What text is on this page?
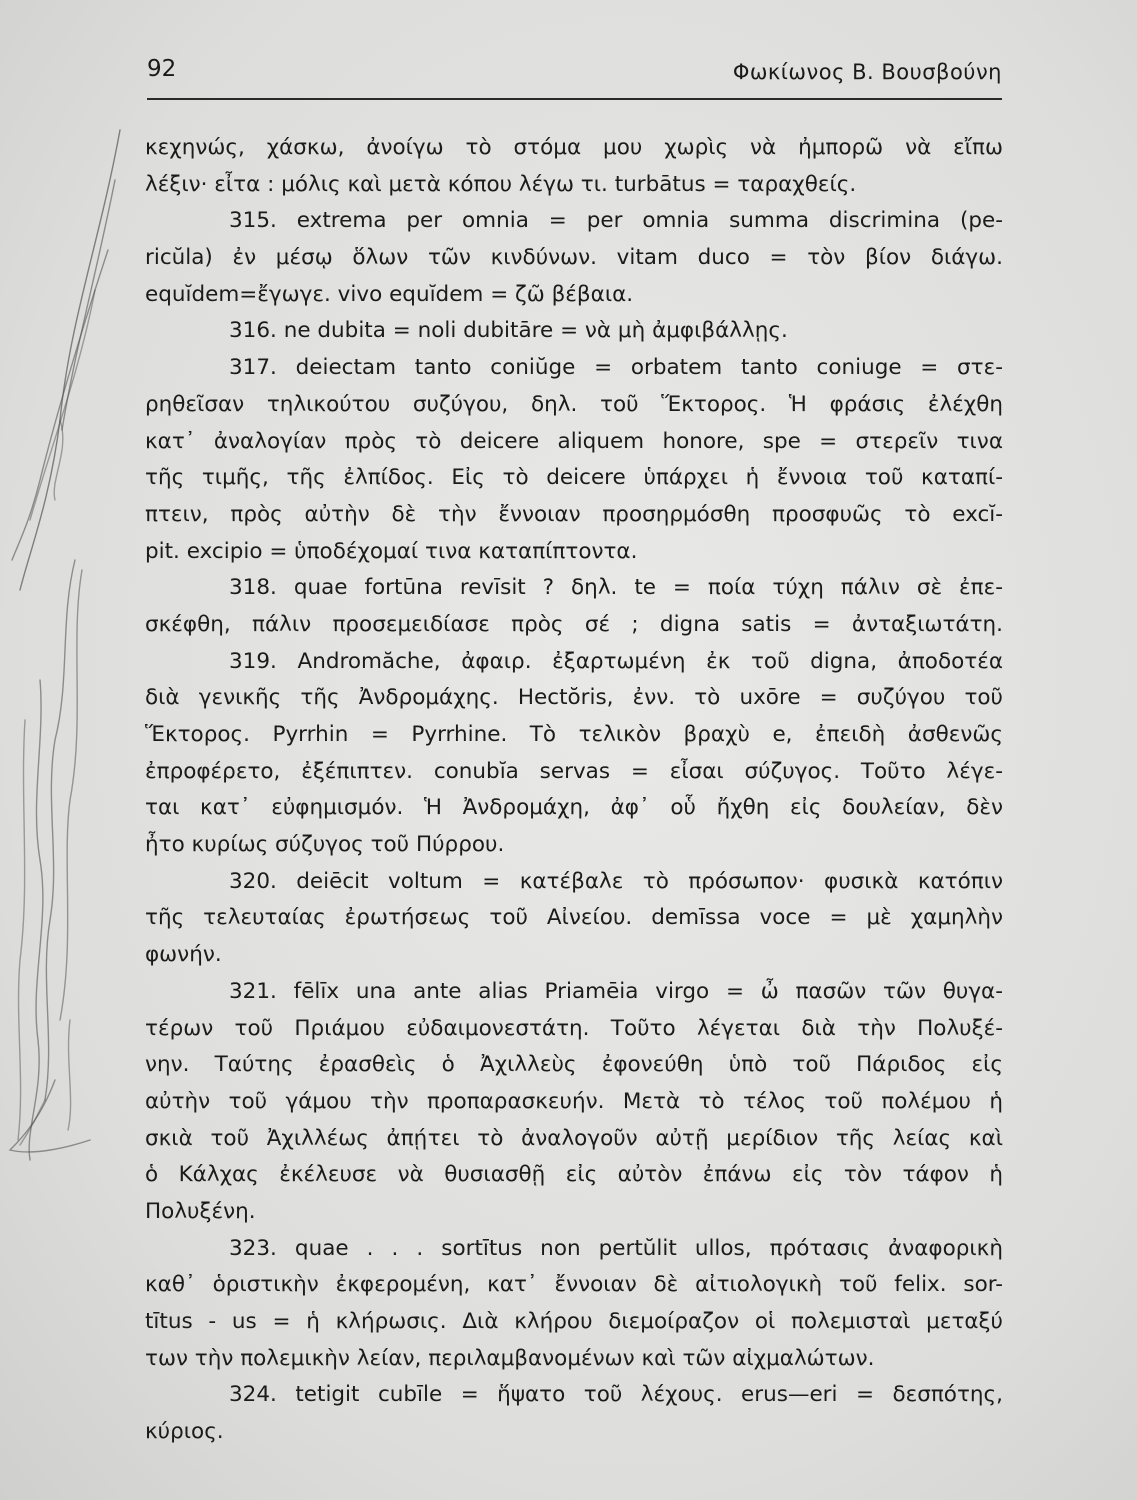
92	Φωκίωνος Β. Βουσβούνη
κεχηνώς, χάσκω, ἀνοίγω τὸ στόμα μου χωρὶς νὰ ἠμπορῶ νὰ εἴπω
λέξιν· εἶτα : μόλις καὶ μετὰ κόπου λέγω τι. turbātus = ταραχθείς.
315. extrema per omnia = per omnia summa discrimina (pe-
ricŭla) ἐν μέσῳ ὅλων τῶν κινδύνων. vitam duco = τὸν βίον διάγω.
equĭdem=ἔγωγε. vivo equĭdem = ζῶ βέβαια.
316. ne dubita = noli dubitāre = νὰ μὴ ἀμφιβάλλῃς.
317. deiectam tanto coniŭge = orbatem tanto coniuge = στε-
ρηθεῖσαν τηλικούτου συζύγου, δηλ. τοῦ Ἕκτορος. Ἡ φράσις ἐλέχθη
κατ᾽ ἀναλογίαν πρὸς τὸ deicere aliquem honore, spe = στερεῖν τινα
τῆς τιμῆς, τῆς ἐλπίδος. Εἰς τὸ deicere ὑπάρχει ἡ ἔννοια τοῦ καταπί-
πτειν, πρὸς αὐτὴν δὲ τὴν ἔννοιαν προσηρμόσθη προσφυῶς τὸ excĭ-
pit. excipio = ὑποδέχομαί τινα καταπίπτοντα.
318. quae fortūna revīsit ? δηλ. te = ποία τύχη πάλιν σὲ ἐπε-
σκέφθη, πάλιν προσεμειδίασε πρὸς σέ ; digna satis = ἀνταξιωτάτη.
319. Andromăche, ἀφαιρ. ἐξαρτωμένη ἐκ τοῦ digna, ἀποδοτέα
διὰ γενικῆς τῆς Ἀνδρομάχης. Hectŏris, ἐνν. τὸ uxōre = συζύγου τοῦ
Ἕκτορος. Pyrrhin = Pyrrhine. Τὸ τελικὸν βραχὺ e, ἐπειδὴ ἀσθενῶς
ἐπροφέρετο, ἐξέπιπτεν. conubĭa servas = εἶσαι σύζυγος. Τοῦτο λέγε-
ται κατ᾽ εὐφημισμόν. Ἡ Ἀνδρομάχη, ἀφ᾽ οὗ ἤχθη εἰς δουλείαν, δὲν
ἦτο κυρίως σύζυγος τοῦ Πύρρου.
320. deiēcit voltum = κατέβαλε τὸ πρόσωπον· φυσικὰ κατόπιν
τῆς τελευταίας ἐρωτήσεως τοῦ Αἰνείου. demīssa voce = μὲ χαμηλὴν
φωνήν.
321. fēlīx una ante alias Priamēia virgo = ὦ πασῶν τῶν θυγα-
τέρων τοῦ Πριάμου εὐδαιμονεστάτη. Τοῦτο λέγεται διὰ τὴν Πολυξέ-
νην. Ταύτης ἐρασθεὶς ὁ Ἀχιλλεὺς ἐφονεύθη ὑπὸ τοῦ Πάριδος εἰς
αὐτὴν τοῦ γάμου τὴν προπαρασκευήν. Μετὰ τὸ τέλος τοῦ πολέμου ἡ
σκιὰ τοῦ Ἀχιλλέως ἀπῄτει τὸ ἀναλογοῦν αὐτῇ μερίδιον τῆς λείας καὶ
ὁ Κάλχας ἐκέλευσε νὰ θυσιασθῇ εἰς αὐτὸν ἐπάνω εἰς τὸν τάφον ἡ
Πολυξένη.
323. quae . . . sortītus non pertŭlit ullos, πρότασις ἀναφορικὴ
καθ᾽ ὁριστικὴν ἐκφερομένη, κατ᾽ ἔννοιαν δὲ αἰτιολογικὴ τοῦ felix. sor-
tītus - us = ἡ κλήρωσις. Διὰ κλήρου διεμοίραζον οἱ πολεμισταὶ μεταξύ
των τὴν πολεμικὴν λείαν, περιλαμβανομένων καὶ τῶν αἰχμαλώτων.
324. tetigit cubīle = ἥψατο τοῦ λέχους. erus—eri = δεσπότης,
κύριος.
